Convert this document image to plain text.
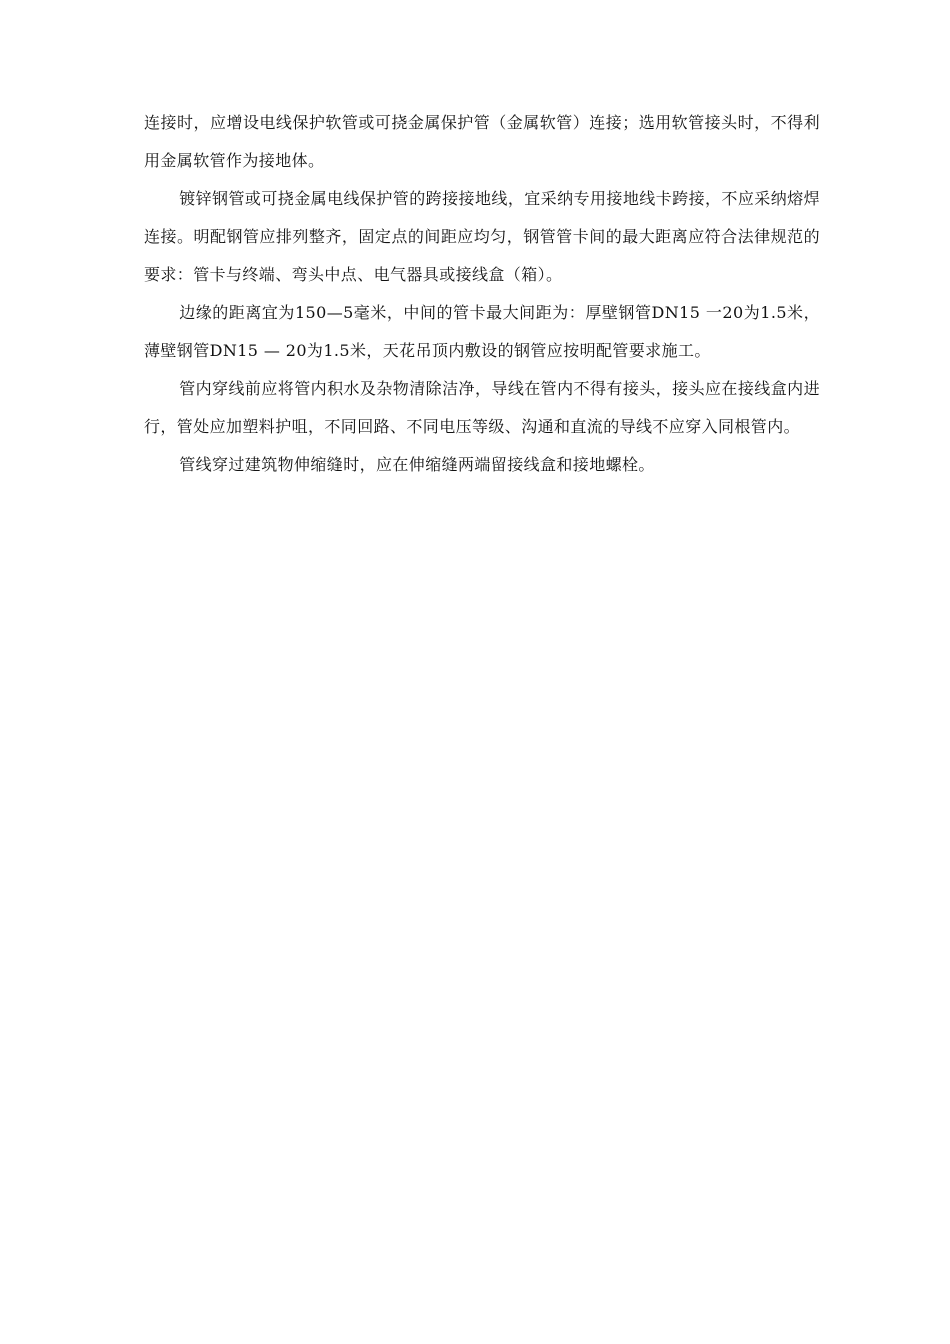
连接时，应增设电线保护软管或可挠金属保护管（金属软管）连接；选用软管接头时，不得利用金属软管作为接地体。

镀锌钢管或可挠金属电线保护管的跨接接地线，宜采纳专用接地线卡跨接，不应采纳熔焊连接。明配钢管应排列整齐，固定点的间距应均匀，钢管管卡间的最大距离应符合法律规范的要求：管卡与终端、弯头中点、电气器具或接线盒（箱）。

边缘的距离宜为150—5毫米，中间的管卡最大间距为：厚壁钢管DN15 一20为1.5米，薄壁钢管DN15 — 20为1.5米，天花吊顶内敷设的钢管应按明配管要求施工。

管内穿线前应将管内积水及杂物清除洁净，导线在管内不得有接头，接头应在接线盒内进行，管处应加塑料护咀，不同回路、不同电压等级、沟通和直流的导线不应穿入同根管内。

管线穿过建筑物伸缩缝时，应在伸缩缝两端留接线盒和接地螺栓。
